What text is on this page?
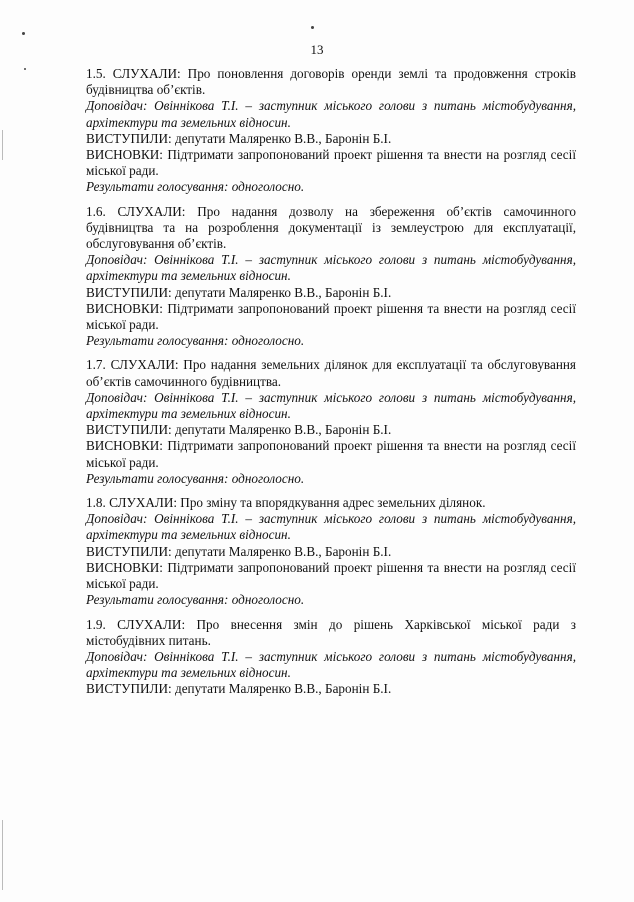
13

1.5. СЛУХАЛИ: Про поновлення договорів оренди землі та продовження строків будівництва об’єктів.

Доповідач: Овіннікова Т.І. – заступник міського голови з питань містобудування, архітектури та земельних відносин.

ВИСТУПИЛИ: депутати Маляренко В.В., Баронін Б.І.

ВИСНОВКИ: Підтримати запропонований проект рішення та внести на розгляд сесії міської ради.

Результати голосування: одноголосно.

1.6. СЛУХАЛИ: Про надання дозволу на збереження об’єктів самочинного будівництва та на розроблення документації із землеустрою для експлуатації, обслуговування об’єктів.

Доповідач: Овіннікова Т.І. – заступник міського голови з питань містобудування, архітектури та земельних відносин.

ВИСТУПИЛИ: депутати Маляренко В.В., Баронін Б.І.

ВИСНОВКИ: Підтримати запропонований проект рішення та внести на розгляд сесії міської ради.

Результати голосування: одноголосно.

1.7. СЛУХАЛИ: Про надання земельних ділянок для експлуатації та обслуговування об’єктів самочинного будівництва.

Доповідач: Овіннікова Т.І. – заступник міського голови з питань містобудування, архітектури та земельних відносин.

ВИСТУПИЛИ: депутати Маляренко В.В., Баронін Б.І.

ВИСНОВКИ: Підтримати запропонований проект рішення та внести на розгляд сесії міської ради.

Результати голосування: одноголосно.

1.8. СЛУХАЛИ: Про зміну та впорядкування адрес земельних ділянок.

Доповідач: Овіннікова Т.І. – заступник міського голови з питань містобудування, архітектури та земельних відносин.

ВИСТУПИЛИ: депутати Маляренко В.В., Баронін Б.І.

ВИСНОВКИ: Підтримати запропонований проект рішення та внести на розгляд сесії міської ради.

Результати голосування: одноголосно.

1.9. СЛУХАЛИ: Про внесення змін до рішень Харківської міської ради з містобудівних питань.

Доповідач: Овіннікова Т.І. – заступник міського голови з питань містобудування, архітектури та земельних відносин.

ВИСТУПИЛИ: депутати Маляренко В.В., Баронін Б.І.
